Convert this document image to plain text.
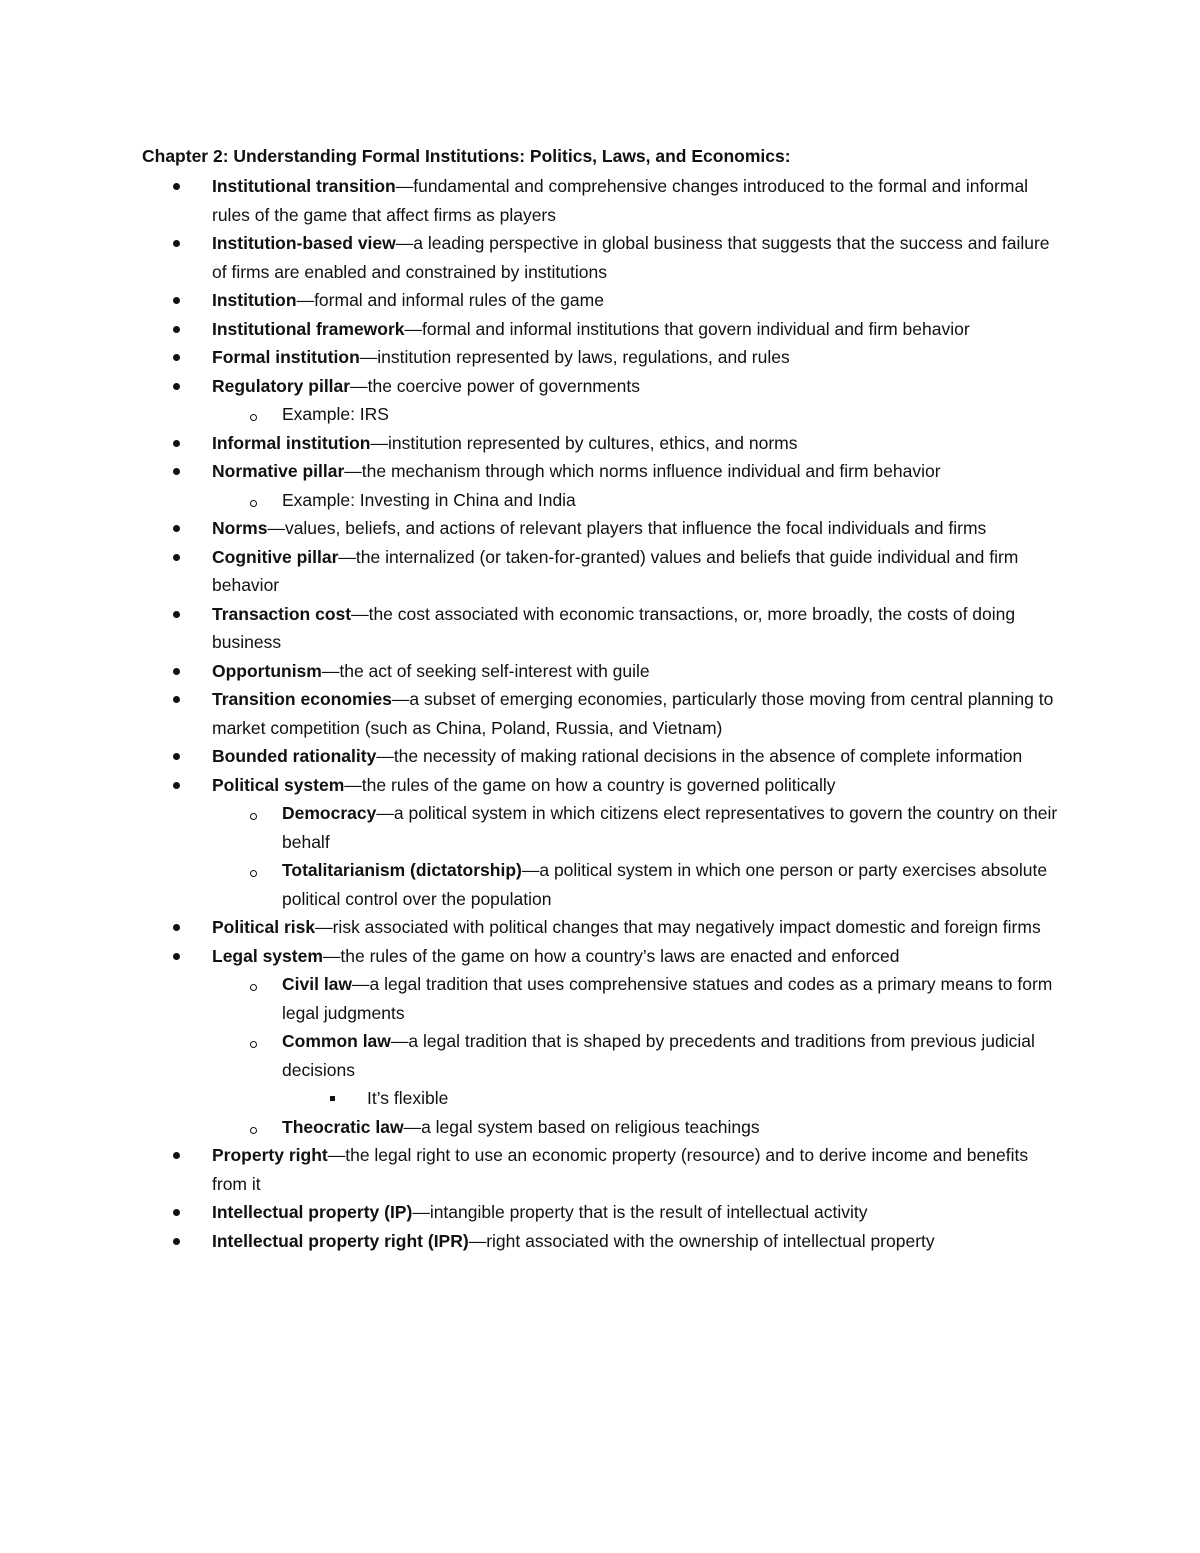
Chapter 2: Understanding Formal Institutions: Politics, Laws, and Economics:
Institutional transition—fundamental and comprehensive changes introduced to the formal and informal rules of the game that affect firms as players
Institution-based view—a leading perspective in global business that suggests that the success and failure of firms are enabled and constrained by institutions
Institution—formal and informal rules of the game
Institutional framework—formal and informal institutions that govern individual and firm behavior
Formal institution—institution represented by laws, regulations, and rules
Regulatory pillar—the coercive power of governments
Example: IRS
Informal institution—institution represented by cultures, ethics, and norms
Normative pillar—the mechanism through which norms influence individual and firm behavior
Example: Investing in China and India
Norms—values, beliefs, and actions of relevant players that influence the focal individuals and firms
Cognitive pillar—the internalized (or taken-for-granted) values and beliefs that guide individual and firm behavior
Transaction cost—the cost associated with economic transactions, or, more broadly, the costs of doing business
Opportunism—the act of seeking self-interest with guile
Transition economies—a subset of emerging economies, particularly those moving from central planning to market competition (such as China, Poland, Russia, and Vietnam)
Bounded rationality—the necessity of making rational decisions in the absence of complete information
Political system—the rules of the game on how a country is governed politically
Democracy—a political system in which citizens elect representatives to govern the country on their behalf
Totalitarianism (dictatorship)—a political system in which one person or party exercises absolute political control over the population
Political risk—risk associated with political changes that may negatively impact domestic and foreign firms
Legal system—the rules of the game on how a country’s laws are enacted and enforced
Civil law—a legal tradition that uses comprehensive statues and codes as a primary means to form legal judgments
Common law—a legal tradition that is shaped by precedents and traditions from previous judicial decisions
It’s flexible
Theocratic law—a legal system based on religious teachings
Property right—the legal right to use an economic property (resource) and to derive income and benefits from it
Intellectual property (IP)—intangible property that is the result of intellectual activity
Intellectual property right (IPR)—right associated with the ownership of intellectual property
